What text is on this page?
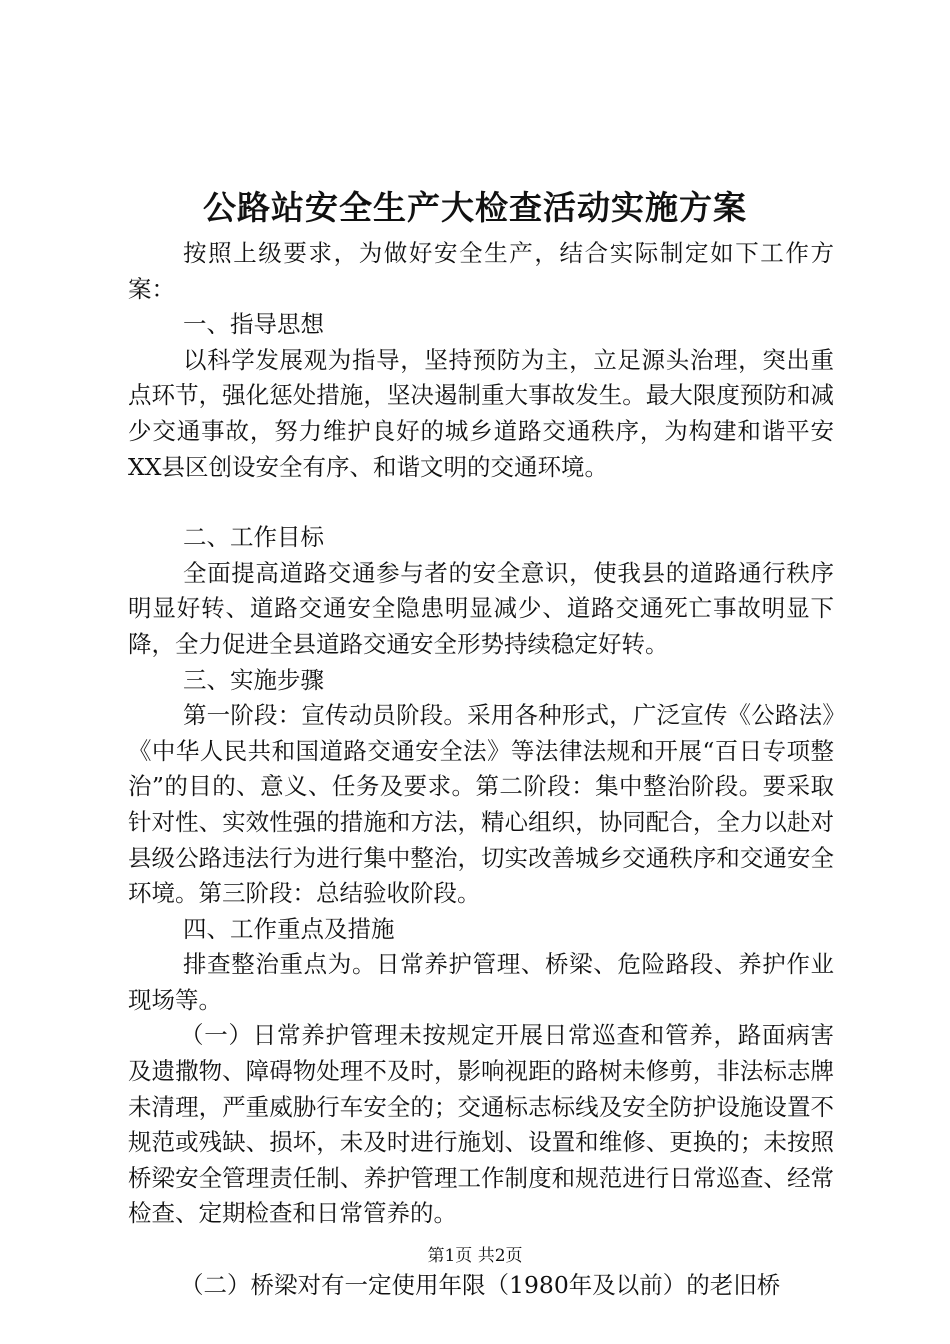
公路站安全生产大检查活动实施方案

按照上级要求，为做好安全生产，结合实际制定如下工作方案：

一、指导思想

以科学发展观为指导，坚持预防为主，立足源头治理，突出重点环节，强化惩处措施，坚决遏制重大事故发生。最大限度预防和减少交通事故，努力维护良好的城乡道路交通秩序，为构建和谐平安XX县区创设安全有序、和谐文明的交通环境。

二、工作目标

全面提高道路交通参与者的安全意识，使我县的道路通行秩序明显好转、道路交通安全隐患明显减少、道路交通死亡事故明显下降，全力促进全县道路交通安全形势持续稳定好转。

三、实施步骤

第一阶段：宣传动员阶段。采用各种形式，广泛宣传《公路法》《中华人民共和国道路交通安全法》等法律法规和开展“百日专项整治”的目的、意义、任务及要求。第二阶段：集中整治阶段。要采取针对性、实效性强的措施和方法，精心组织，协同配合，全力以赴对县级公路违法行为进行集中整治，切实改善城乡交通秩序和交通安全环境。第三阶段：总结验收阶段。

四、工作重点及措施

排查整治重点为。日常养护管理、桥梁、危险路段、养护作业现场等。

（一）日常养护管理未按规定开展日常巡查和管养，路面病害及遗撒物、障碍物处理不及时，影响视距的路树未修剪，非法标志牌未清理，严重威胁行车安全的；交通标志标线及安全防护设施设置不规范或残缺、损坏，未及时进行施划、设置和维修、更换的；未按照桥梁安全管理责任制、养护管理工作制度和规范进行日常巡查、经常检查、定期检查和日常管养的。

（二）桥梁对有一定使用年限（1980年及以前）的老旧桥

第1页 共2页
